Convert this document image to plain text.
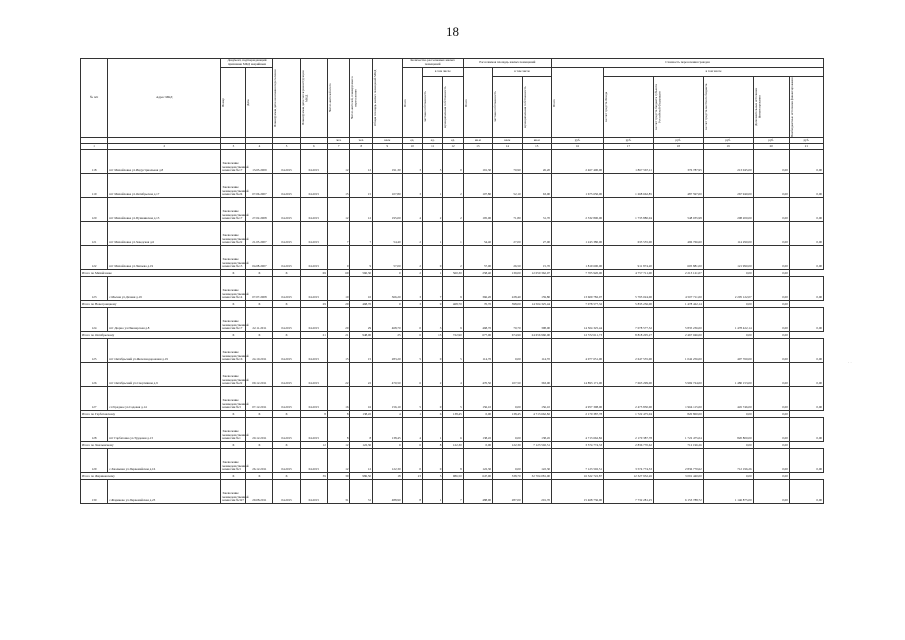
18
№ п/п	Адрес МКД	Документ, подтверждающий признание МКД аварийным		Планируемая дата окончания переселения	Планируемая дата сноса/реконструкции МКД	Число жителей всего	Число жителей, планируемых к переселению	Общая площадь жилых помещений МКД	Количество расселяемых жилых помещений			Расселяемая площадь жилых помещений			Стоимость переселения граждан					

		Номер	Дата						Всего	в том числе		Всего	в том числе		Всего	в том числе				

										частная собственность	муниципальная собственность		частная собственность	муниципальная собственность		за счет средств Фонда	за счет средств бюджета субъекта Российской Федерации	за счет средств местного бюджета	Дополнительные источники финансирования	Внебюджетные источники финансирования

						чел.	чел.	кв.м	ед.	ед.	ед.	кв.м	кв.м	кв.м	руб.	руб.	руб.	руб.	руб.	руб.
1	2	3	4	5	6	7	8	9	10	11	12	13	14	15	16	17	18	19	20	21
118	пгт Михайловка ул.Индустриальная д.8	Заключение межведомственной комиссии №17	13.03.2009	04.2015	04.2015	12	12	191,30	3	3	0	191,30	70,90	26,20	2 467 400,00	1 867 567,11	376 787,95	213 045,00	0,00	0,00
119	пгт Михайловка ул.Октябрьская д.17	Заключение межведомственной комиссии №24	07.06.2007	04.2015	04.2015	15	15	107,80	3	1	2	107,80	52,10	63,00	1 675 650,00	1 268 662,85	487 597,00	267 940,00	0,00	0,00
120	пгт Михайловка ул.Пушкинская д.13	Заключение межведомственной комиссии №17	27.02.2008	04.2015	04.2015	12	12	195,00	4	2	2	195,00	71,80	31,70	2 332 800,00	1 735 880,04	548 035,98	208 200,00	0,00	0,00
121	пгт Михайловка ул.Заводская д.6	Заключение межведомственной комиссии №22	21.05.2007	04.2015	04.2015	7	7	54,40	2	1	1	54,40	27,00	27,00	1 243 380,00	633 555,00	496 766,60	114 290,00	0,00	0,00
122	пгт Михайловка ул.Чапаева д.19	Заключение межведомственной комиссии №15	04.08.2007	04.2015	04.2015	9	9	57,00	2	0	2	57,00	26,50	15,70	1 819 600,00	911 874,20	605 881,00	121 990,00	0,00	0,00
Итого по Михайловке		X	X	X	69	69	560,30	0	2	1	560,30	258,40	139,00	12 050 362,07	7 705 920,00	4 757 711,00	2 213 121,07	0,00	0,00	
123	с.Мычна ул.Дачная д.19	Заключение межведомственной комиссии №14	07.07.2008	04.2015	04.2015	10	10	366,20	3	7	9	366,20	228,40	159,80	13 609 782,07	5 795 024,00	4 507 711,00	2 205 122,07	0,00	0,00
Итого по Новотроицкому		X	X	X	29	29	468,70	0	3	9	468,70	70,70	398,00	14 504 325,44	7 078 577,32	5 835 236,00	1 478 422,14	0,00	0,00	
124	пгт Дюрно ул.Пионерская д.8	Заключение межведомственной комиссии №17	22.11.2011	04.2015	04.2015	29	29	468,70	0	3	9	468,70	70,70	398,00	14 504 325,44	7 078 577,32	5 835 236,00	1 478 422,14	0,00	0,00
Итого по Октябрьскому		X	X	X	21	21	948,00	25	0	15	722,90	677,00	674,90	24 656 960,00	12 572 611,73	8 818 205,27	2 467 046,00	0,00	0,00	
125	пгт Октябрьский ул.Железнодорожная д.19	Заключение межведомственной комиссии №16	24.10.2011	04.2015	04.2015	15	15	283,20	5	0	5	114,70	0,00	114,70	4 077 651,00	2 647 535,00	1 042 256,00	407 760,00	0,00	0,00
126	пгт Октябрьский ул.Спортивная д.9	Заключение межведомственной комиссии №22	09.12.2011	04.2015	04.2015	22	22	470,50	6	2	4	470,50	107,50	363,00	14 893 171,00	7 663 299,00	5 969 724,00	1 480 153,00	0,00	0,00
127	с.Отрадное ул.Садовая д.14	Заключение межведомственной комиссии №3	07.12.2011	04.2015	04.2015	16	16	156,10	5	0	5	156,10	0,00	156,10	4 957 398,00	2 475 830,00	1 964 115,00	445 746,00	0,00	0,00
Итого по Гарбатовскому		X	X	X	8	8	138,45	4	1	6	138,45	0,00	138,45	4 713 662,82	2 170 387,78	1 722 475,04	820 800,00	0,00	0,00	
128	пгт Гарбатовка ул.Трудовая д.13	Заключение межведомственной комиссии №1	20.12.2011	04.2015	04.2015	8	8	138,45	4	1	6	138,45	0,00	138,45	4 713 662,82	2 170 387,78	1 722 475,04	820 800,00	0,00	0,00
Итого по Хвалынскому		X	X	X	12	12	122,30	0	0	8	122,30	0,00	122,30	7 123 502,51	3 574 774,33	2 836 770,62	712 196,26	0,00	0,00	
129	с.Хвалынка ул.Первомайская д.16	Заключение межведомственной комиссии №3	26.12.2011	04.2015	04.2015	12	12	122,30	0	0	8	122,30	0,00	122,30	7 123 502,51	3 574 774,33	2 836 770,62	712 196,26	0,00	0,00
Итого по Жариковскому		X	X	X	39	39	986,50	18	23	5	986,50	647,90	338,70	32 704 081,00	16 322 722,87	12 327 932,26	3 091 440,00	0,00	0,00	
130	с.Жариково ул.Первомайская д.23	Заключение межведомственной комиссии №327	29.08.2011	04.2015	04.2015	31	31	488,90	8	1	7	488,90	287,00	201,70	15 468 736,00	7 732 281,25	6 153 788,72	1 146 875,00	0,00	0,00
· ·
